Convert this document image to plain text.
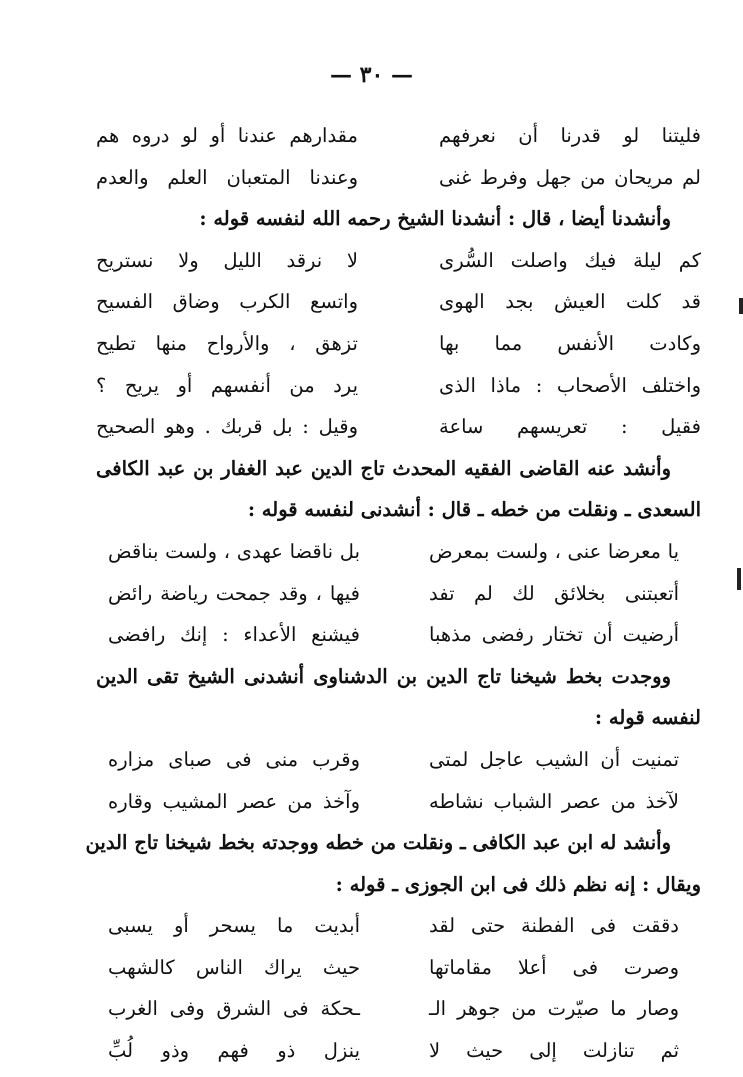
— ٣٠ —
فليتنا لو قدرنا أن نعرفهم
مقدارهم عندنا أو لو دروه هم
لم مريحان من جهل وفرط غنى
وعندنا المتعبان العلم والعدم
وأنشدنا أيضا ، قال : أنشدنا الشيخ رحمه الله لنفسه قوله :
كم ليلة فيك واصلت السُّرى
لا نرقد الليل ولا نستريح
قد كلت العيش بجد الهوى
واتسع الكرب وضاق الفسيح
وكادت الأنفس مما بها
تزهق ، والأرواح منها تطيح
واختلف الأصحاب : ماذا الذى
يرد من أنفسهم أو يريح ؟
فقيل : تعريسهم ساعة
وقيل : بل قربك . وهو الصحيح
وأنشد عنه القاضى الفقيه المحدث تاج الدين عبد الغفار بن عبد الكافى
السعدى ـ ونقلت من خطه ـ قال : أنشدنى لنفسه قوله :
يا معرضا عنى ، ولست بمعرض
بل ناقضا عهدى ، ولست بناقض
أتعبتنى بخلائق لك لم تفد
فيها ، وقد جمحت رياضة رائض
أرضيت أن تختار رفضى مذهبا
فيشنع الأعداء : إنك رافضى
ووجدت بخط شيخنا تاج الدين بن الدشناوى أنشدنى الشيخ تقى الدين
لنفسه قوله :
تمنيت أن الشيب عاجل لمتى
وقرب منى فى صباى مزاره
لآخذ من عصر الشباب نشاطه
وآخذ من عصر المشيب وقاره
وأنشد له ابن عبد الكافى ـ ونقلت من خطه ووجدته بخط شيخنا تاج الدين
ويقال : إنه نظم ذلك فى ابن الجوزى ـ قوله :
دققت فى الفطنة حتى لقد
أبديت ما يسحر أو يسبى
وصرت فى أعلا مقاماتها
حيث يراك الناس كالشهب
وصار ما صيّرت من جوهر الـ
ـحكة فى الشرق وفى الغرب
ثم تنازلت إلى حيث لا
ينزل ذو فهم وذو لُبِّ
